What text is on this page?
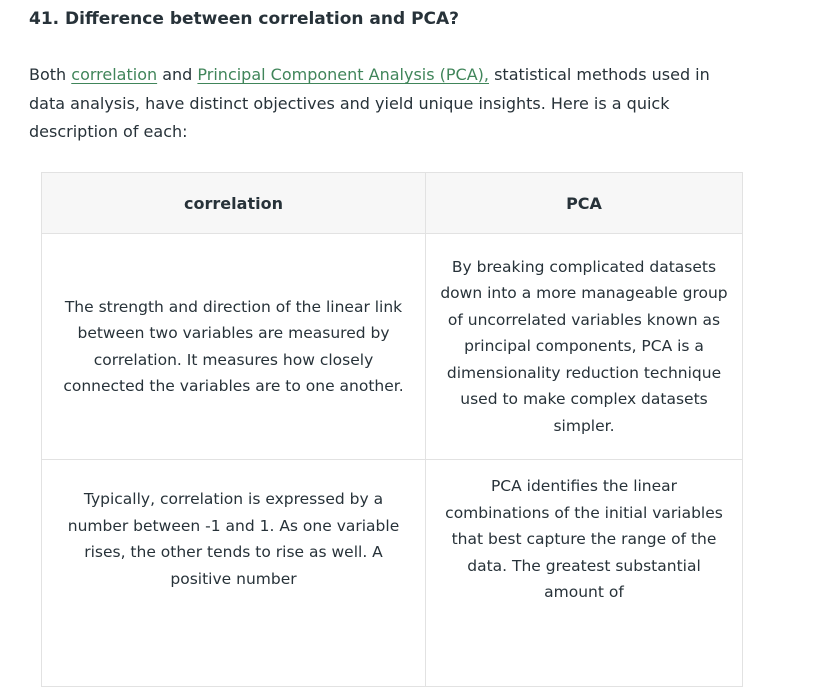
41. Difference between correlation and PCA?

Both correlation and Principal Component Analysis (PCA), statistical methods used in data analysis, have distinct objectives and yield unique insights. Here is a quick description of each:

correlation	PCA
The strength and direction of the linear link between two variables are measured by correlation. It measures how closely connected the variables are to one another.	By breaking complicated datasets down into a more manageable group of uncorrelated variables known as principal components, PCA is a dimensionality reduction technique used to make complex datasets simpler.
Typically, correlation is expressed by a number between -1 and 1. As one variable rises, the other tends to rise as well. A positive number	PCA identifies the linear combinations of the initial variables that best capture the range of the data. The greatest substantial amount of
